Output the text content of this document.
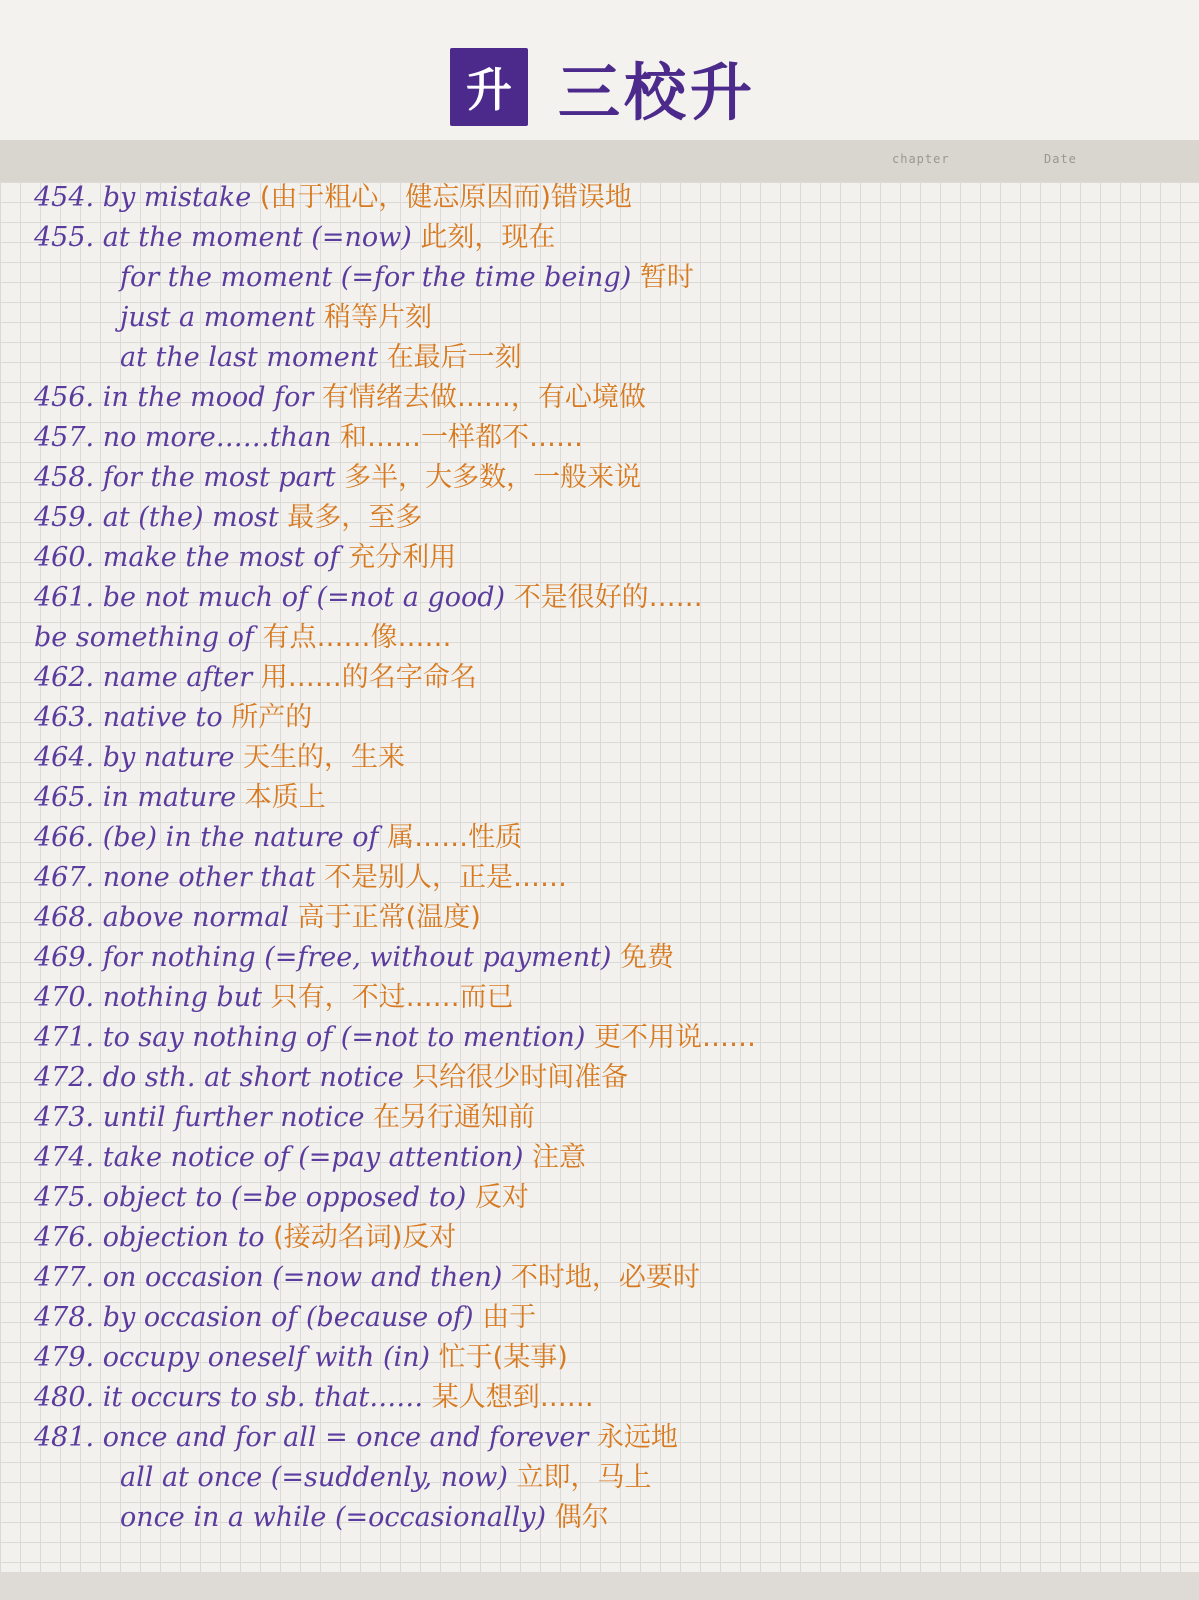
升 三校升
chapter	Date
454. by mistake (由于粗心，健忘原因而)错误地
455. at the moment (=now) 此刻，现在
for the moment (=for the time being) 暂时
just a moment 稍等片刻
at the last moment 在最后一刻
456. in the mood for 有情绪去做……，有心境做
457. no more……than 和……一样都不……
458. for the most part 多半，大多数，一般来说
459. at (the) most 最多，至多
460. make the most of 充分利用
461. be not much of (=not a good) 不是很好的……
be something of 有点……像……
462. name after 用……的名字命名
463. native to 所产的
464. by nature 天生的，生来
465. in mature 本质上
466. (be) in the nature of 属……性质
467. none other that 不是别人，正是……
468. above normal 高于正常(温度)
469. for nothing (=free, without payment) 免费
470. nothing but 只有，不过……而已
471. to say nothing of (=not to mention) 更不用说……
472. do sth. at short notice 只给很少时间准备
473. until further notice 在另行通知前
474. take notice of (=pay attention) 注意
475. object to (=be opposed to) 反对
476. objection to (接动名词)反对
477. on occasion (=now and then) 不时地，必要时
478. by occasion of (because of) 由于
479. occupy oneself with (in) 忙于(某事)
480. it occurs to sb. that…… 某人想到……
481. once and for all = once and forever 永远地
all at once (=suddenly, now) 立即，马上
once in a while (=occasionally) 偶尔
